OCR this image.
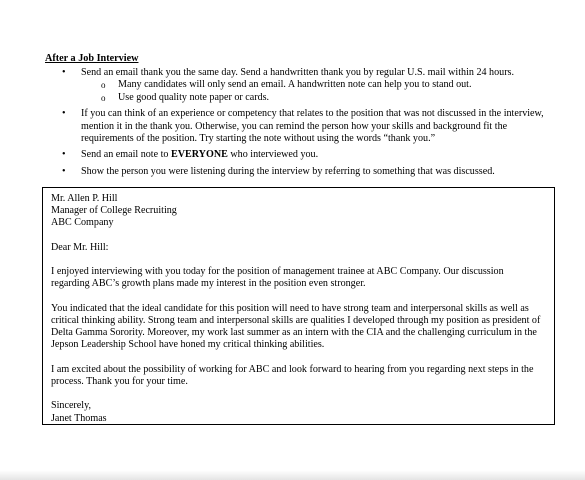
After a Job Interview
•	Send an email thank you the same day. Send a handwritten thank you by regular U.S. mail within 24 hours.
o Many candidates will only send an email. A handwritten note can help you to stand out.
o Use good quality note paper or cards.
•	If you can think of an experience or competency that relates to the position that was not discussed in the interview,
mention it in the thank you. Otherwise, you can remind the person how your skills and background fit the
requirements of the position. Try starting the note without using the words “thank you.”
•	Send an email note to EVERYONE who interviewed you.
•	Show the person you were listening during the interview by referring to something that was discussed.
Mr. Allen P. Hill
Manager of College Recruiting
ABC Company
Dear Mr. Hill:
I enjoyed interviewing with you today for the position of management trainee at ABC Company. Our discussion
regarding ABC’s growth plans made my interest in the position even stronger.
You indicated that the ideal candidate for this position will need to have strong team and interpersonal skills as well as
critical thinking ability. Strong team and interpersonal skills are qualities I developed through my position as president of
Delta Gamma Sorority. Moreover, my work last summer as an intern with the CIA and the challenging curriculum in the
Jepson Leadership School have honed my critical thinking abilities.
I am excited about the possibility of working for ABC and look forward to hearing from you regarding next steps in the
process. Thank you for your time.
Sincerely,
Janet Thomas
